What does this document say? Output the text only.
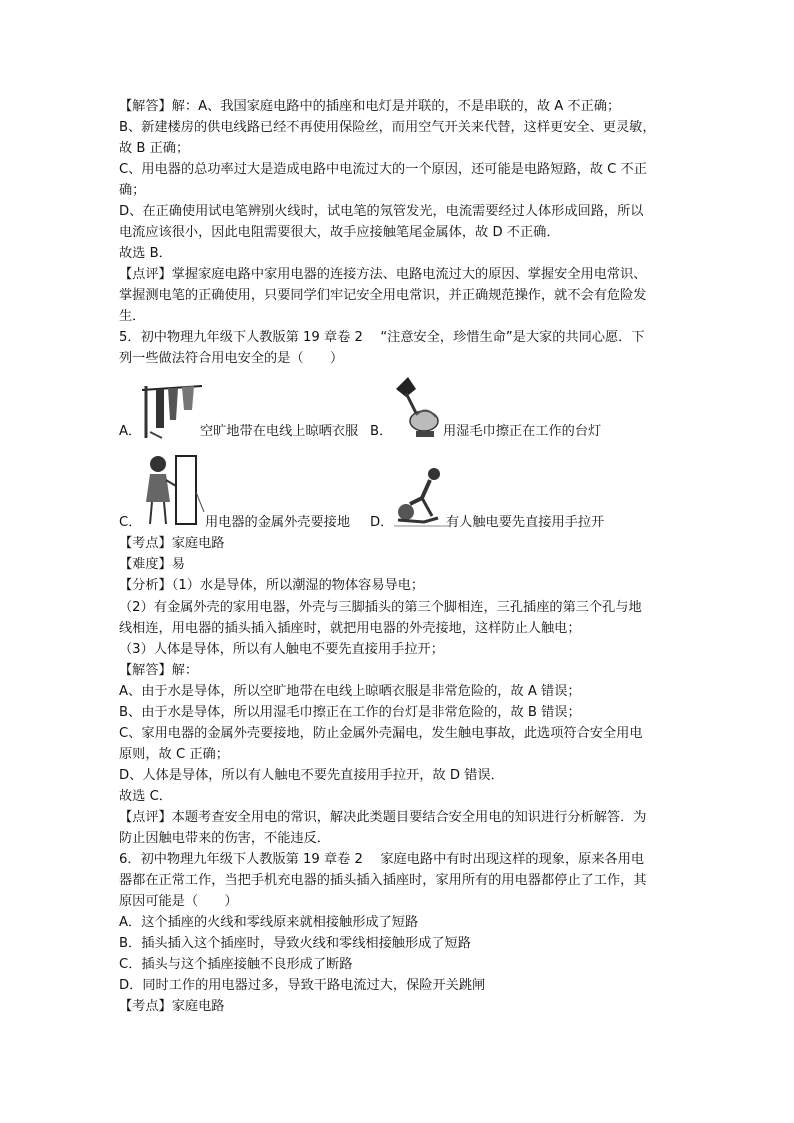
【解答】解：A、我国家庭电路中的插座和电灯是并联的，不是串联的，故 A 不正确；
B、新建楼房的供电线路已经不再使用保险丝，而用空气开关来代替，这样更安全、更灵敏，
故 B 正确；
C、用电器的总功率过大是造成电路中电流过大的一个原因，还可能是电路短路，故 C 不正
确；
D、在正确使用试电笔辨别火线时，试电笔的氖管发光，电流需要经过人体形成回路，所以
电流应该很小，因此电阻需要很大，故手应接触笔尾金属体，故 D 不正确．
故选 B．
【点评】掌握家庭电路中家用电器的连接方法、电路电流过大的原因、掌握安全用电常识、
掌握测电笔的正确使用，只要同学们牢记安全用电常识，并正确规范操作，就不会有危险发
生．
5．初中物理九年级下人教版第 19 章卷 2　 “注意安全，珍惜生命”是大家的共同心愿．下
列一些做法符合用电安全的是（　　）
A．	空旷地带在电线上晾晒衣服 B．	用湿毛巾擦正在工作的台灯
C．	用电器的金属外壳要接地 D．	有人触电要先直接用手拉开
【考点】家庭电路
【难度】易
【分析】（1）水是导体，所以潮湿的物体容易导电；
（2）有金属外壳的家用电器，外壳与三脚插头的第三个脚相连，三孔插座的第三个孔与地
线相连，用电器的插头插入插座时，就把用电器的外壳接地，这样防止人触电；
（3）人体是导体，所以有人触电不要先直接用手拉开；
【解答】解：
A、由于水是导体，所以空旷地带在电线上晾晒衣服是非常危险的，故 A 错误；
B、由于水是导体，所以用湿毛巾擦正在工作的台灯是非常危险的，故 B 错误；
C、家用电器的金属外壳要接地，防止金属外壳漏电，发生触电事故，此选项符合安全用电
原则，故 C 正确；
D、人体是导体，所以有人触电不要先直接用手拉开，故 D 错误．
故选 C．
【点评】本题考查安全用电的常识，解决此类题目要结合安全用电的知识进行分析解答．为
防止因触电带来的伤害，不能违反．
6．初中物理九年级下人教版第 19 章卷 2　 家庭电路中有时出现这样的现象，原来各用电
器都在正常工作，当把手机充电器的插头插入插座时，家用所有的用电器都停止了工作，其
原因可能是（　　）
A．这个插座的火线和零线原来就相接触形成了短路
B．插头插入这个插座时，导致火线和零线相接触形成了短路
C．插头与这个插座接触不良形成了断路
D．同时工作的用电器过多，导致干路电流过大，保险开关跳闸
【考点】家庭电路
